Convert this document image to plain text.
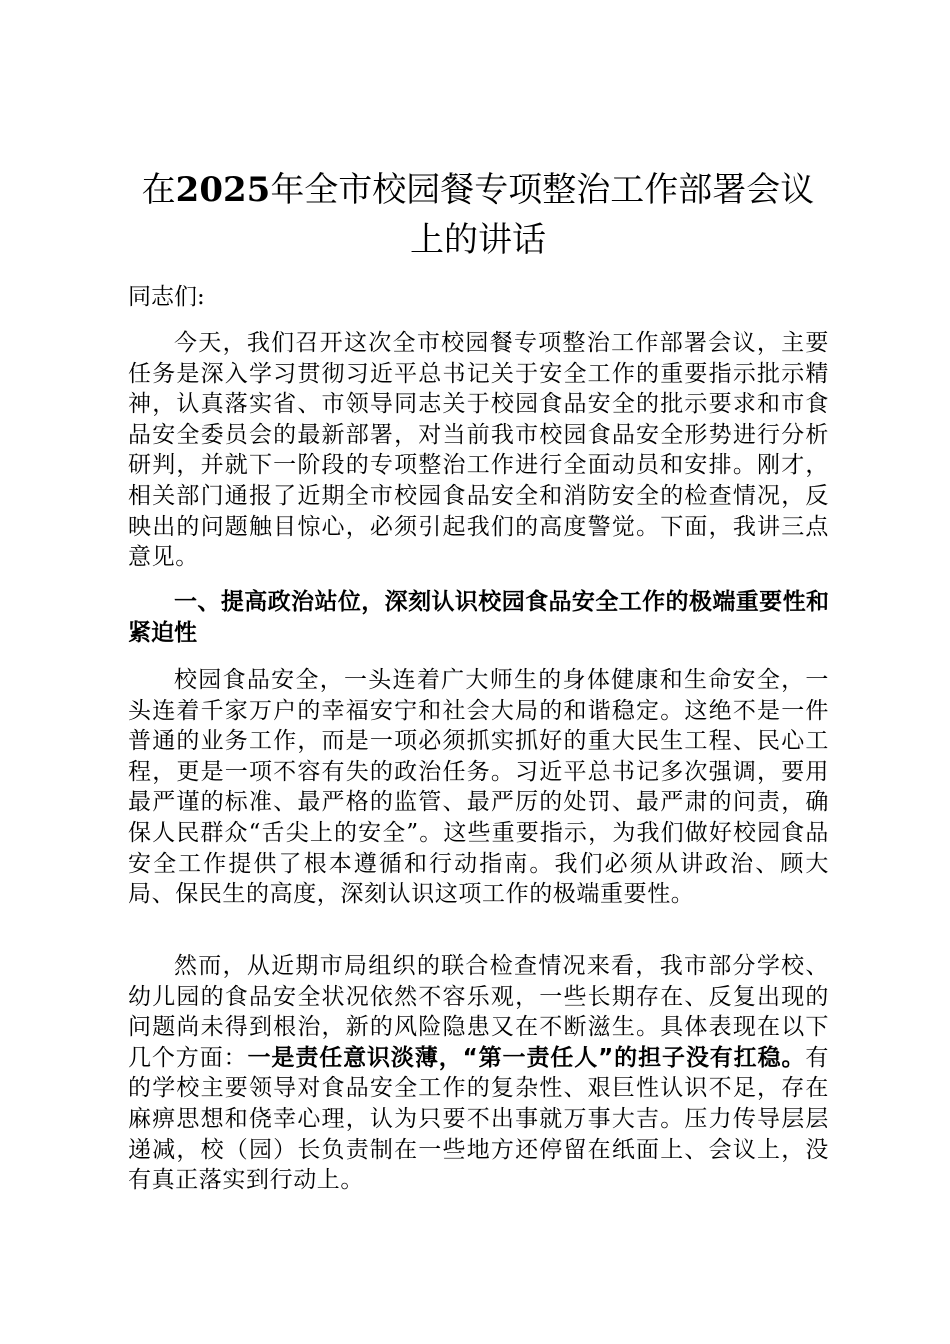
在2025年全市校园餐专项整治工作部署会议上的讲话

同志们:

今天，我们召开这次全市校园餐专项整治工作部署会议，主要任务是深入学习贯彻习近平总书记关于安全工作的重要指示批示精神，认真落实省、市领导同志关于校园食品安全的批示要求和市食品安全委员会的最新部署，对当前我市校园食品安全形势进行分析研判，并就下一阶段的专项整治工作进行全面动员和安排。刚才，相关部门通报了近期全市校园食品安全和消防安全的检查情况，反映出的问题触目惊心，必须引起我们的高度警觉。下面，我讲三点意见。

一、提高政治站位，深刻认识校园食品安全工作的极端重要性和紧迫性

校园食品安全，一头连着广大师生的身体健康和生命安全，一头连着千家万户的幸福安宁和社会大局的和谐稳定。这绝不是一件普通的业务工作，而是一项必须抓实抓好的重大民生工程、民心工程，更是一项不容有失的政治任务。习近平总书记多次强调，要用最严谨的标准、最严格的监管、最严厉的处罚、最严肃的问责，确保人民群众“舌尖上的安全”。这些重要指示，为我们做好校园食品安全工作提供了根本遵循和行动指南。我们必须从讲政治、顾大局、保民生的高度，深刻认识这项工作的极端重要性。

然而，从近期市局组织的联合检查情况来看，我市部分学校、幼儿园的食品安全状况依然不容乐观，一些长期存在、反复出现的问题尚未得到根治，新的风险隐患又在不断滋生。具体表现在以下几个方面：一是责任意识淡薄，“第一责任人”的担子没有扛稳。有的学校主要领导对食品安全工作的复杂性、艰巨性认识不足，存在麻痹思想和侥幸心理，认为只要不出事就万事大吉。压力传导层层递减，校（园）长负责制在一些地方还停留在纸面上、会议上，没有真正落实到行动上。
